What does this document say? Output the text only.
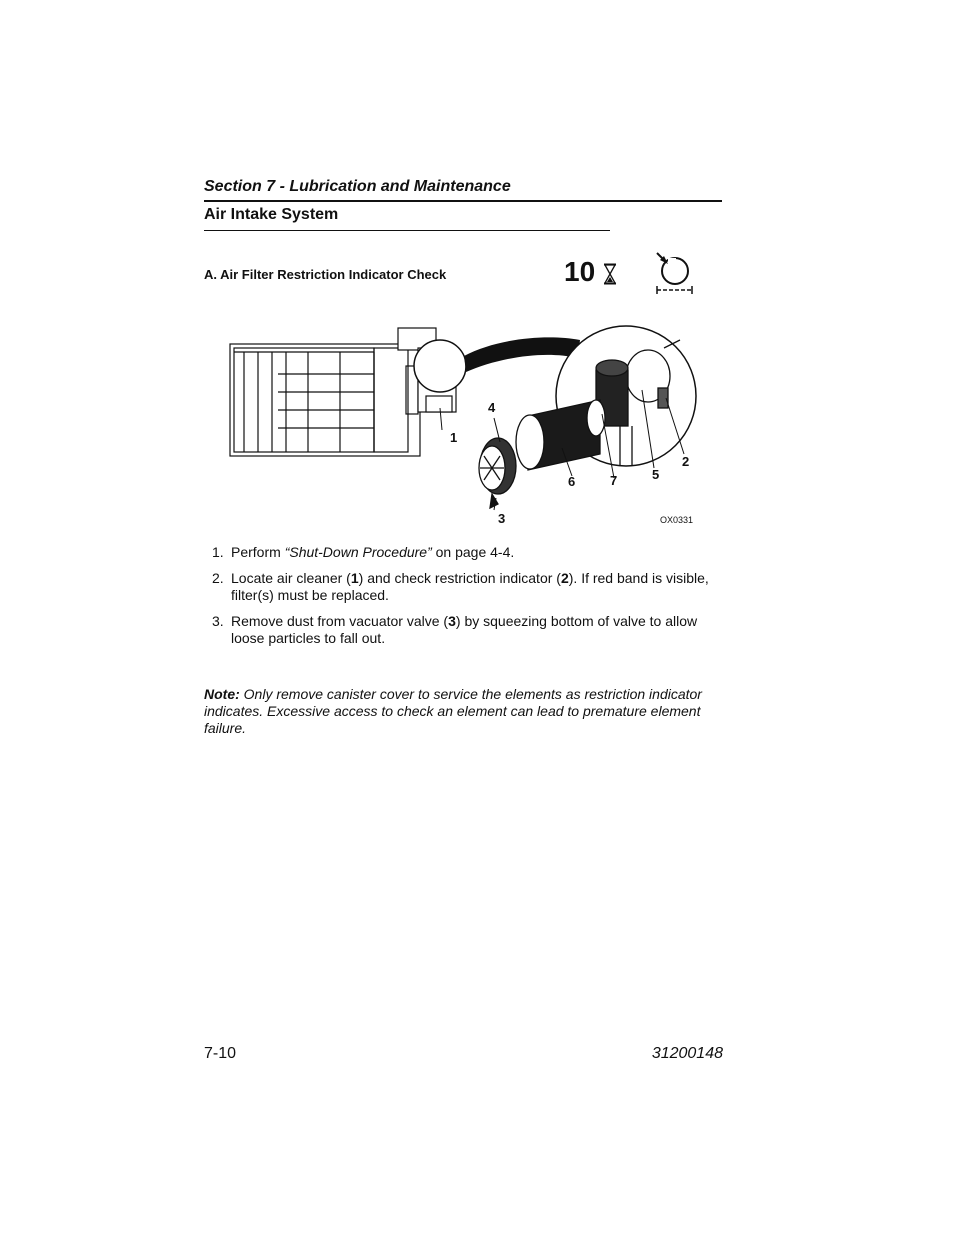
Section 7 - Lubrication and Maintenance
Air Intake System
A. Air Filter Restriction Indicator Check	10
1
2
3
4
5
6	7
OX0331
1. Perform “Shut-Down Procedure” on page 4-4.
2. Locate air cleaner (1) and check restriction indicator (2). If red band is visible, filter(s) must be replaced.
3. Remove dust from vacuator valve (3) by squeezing bottom of valve to allow loose particles to fall out.
Note: Only remove canister cover to service the elements as restriction indicator indicates. Excessive access to check an element can lead to premature element failure.
7-10	31200148
